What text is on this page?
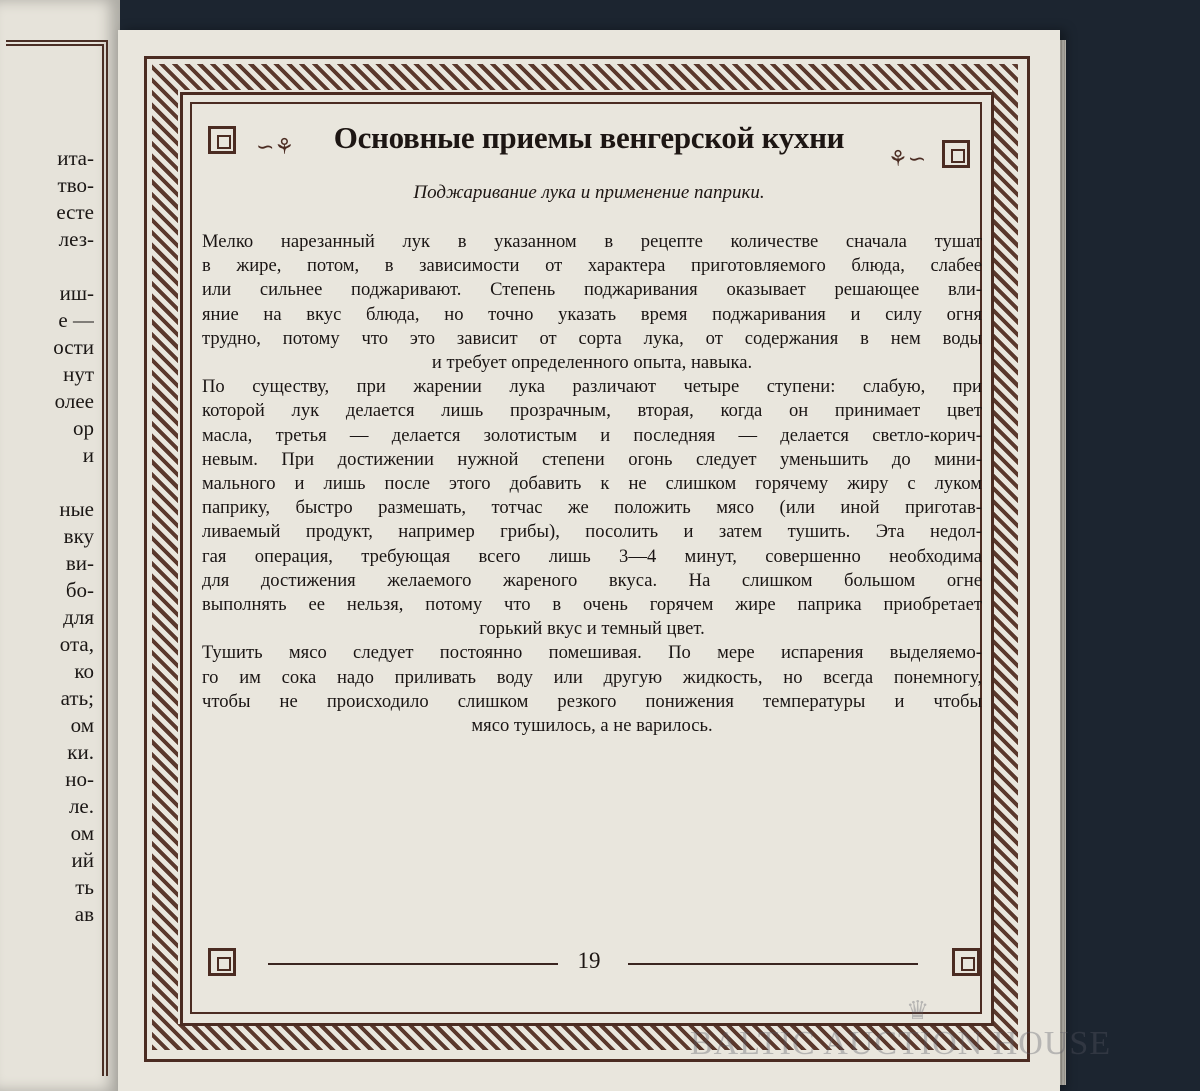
итa-
тво-
есте
лез-

иш-
е —
ости
нут
олее
ор
и

ные
вку
ви-
бо-
для
ота,
ко
ать;
ом
ки.
но-
ле.
ом
ий
ть
ав
∽⚘	⚘∽
Основные приемы венгерской кухни
Поджаривание лука и применение паприки.
Мелко нарезанный лук в указанном в рецепте количестве сначала тушат
в жире, потом, в зависимости от характера приготовляемого блюда, слабее
или сильнее поджаривают. Степень поджаривания оказывает решающее вли-
яние на вкус блюда, но точно указать время поджаривания и силу огня
трудно, потому что это зависит от сорта лука, от содержания в нем воды
и требует определенного опыта, навыка.
По существу, при жарении лука различают четыре ступени: слабую, при
которой лук делается лишь прозрачным, вторая, когда он принимает цвет
масла, третья — делается золотистым и последняя — делается светло-корич-
невым. При достижении нужной степени огонь следует уменьшить до мини-
мального и лишь после этого добавить к не слишком горячему жиру с луком
паприку, быстро размешать, тотчас же положить мясо (или иной приготав-
ливаемый продукт, например грибы), посолить и затем тушить. Эта недол-
гая операция, требующая всего лишь 3—4 минут, совершенно необходима
для достижения желаемого жареного вкуса. На слишком большом огне
выполнять ее нельзя, потому что в очень горячем жире паприка приобретает
горький вкус и темный цвет.
Тушить мясо следует постоянно помешивая. По мере испарения выделяемо-
го им сока надо приливать воду или другую жидкость, но всегда понемногу,
чтобы не происходило слишком резкого понижения температуры и чтобы
мясо тушилось, а не варилось.
19
♛
BALTIC AUCTION HOUSE
